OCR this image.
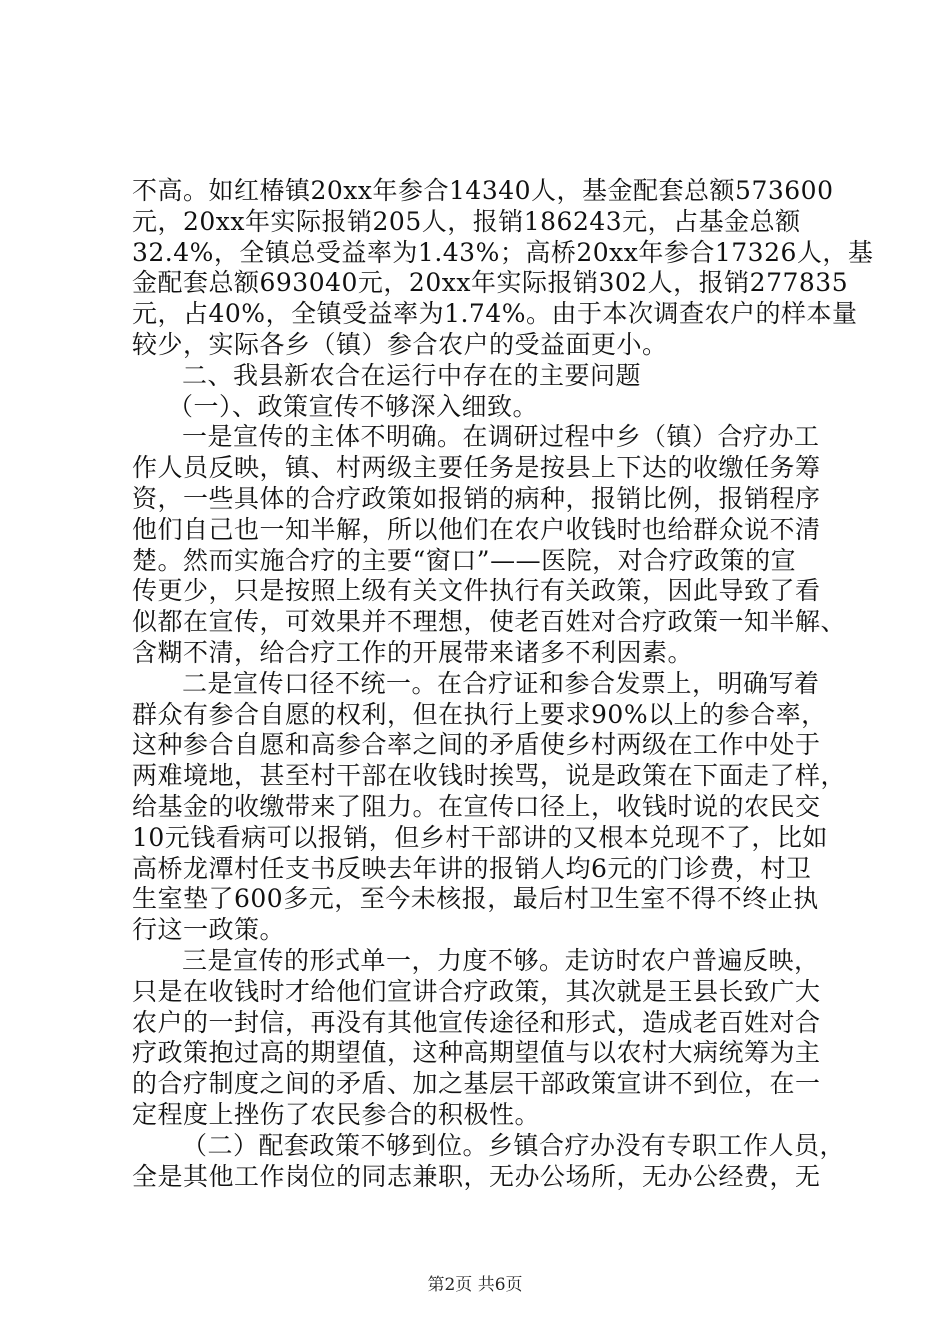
不高。如红椿镇20xx年参合14340人，基金配套总额573600
元，20xx年实际报销205人，报销186243元，占基金总额
32.4%，全镇总受益率为1.43%；高桥20xx年参合17326人，基
金配套总额693040元，20xx年实际报销302人，报销277835
元，占40%，全镇受益率为1.74%。由于本次调查农户的样本量
较少，实际各乡（镇）参合农户的受益面更小。
二、我县新农合在运行中存在的主要问题
（一）、政策宣传不够深入细致。
一是宣传的主体不明确。在调研过程中乡（镇）合疗办工
作人员反映，镇、村两级主要任务是按县上下达的收缴任务筹
资，一些具体的合疗政策如报销的病种，报销比例，报销程序
他们自己也一知半解，所以他们在农户收钱时也给群众说不清
楚。然而实施合疗的主要“窗口”——医院，对合疗政策的宣
传更少，只是按照上级有关文件执行有关政策，因此导致了看
似都在宣传，可效果并不理想，使老百姓对合疗政策一知半解、
含糊不清，给合疗工作的开展带来诸多不利因素。
二是宣传口径不统一。在合疗证和参合发票上，明确写着
群众有参合自愿的权利，但在执行上要求90%以上的参合率，
这种参合自愿和高参合率之间的矛盾使乡村两级在工作中处于
两难境地，甚至村干部在收钱时挨骂，说是政策在下面走了样，
给基金的收缴带来了阻力。在宣传口径上，收钱时说的农民交
10元钱看病可以报销，但乡村干部讲的又根本兑现不了，比如
高桥龙潭村任支书反映去年讲的报销人均6元的门诊费，村卫
生室垫了600多元，至今未核报，最后村卫生室不得不终止执
行这一政策。
三是宣传的形式单一，力度不够。走访时农户普遍反映，
只是在收钱时才给他们宣讲合疗政策，其次就是王县长致广大
农户的一封信，再没有其他宣传途径和形式，造成老百姓对合
疗政策抱过高的期望值，这种高期望值与以农村大病统筹为主
的合疗制度之间的矛盾、加之基层干部政策宣讲不到位，在一
定程度上挫伤了农民参合的积极性。
（二）配套政策不够到位。乡镇合疗办没有专职工作人员，
全是其他工作岗位的同志兼职，无办公场所，无办公经费，无
第2页 共6页
